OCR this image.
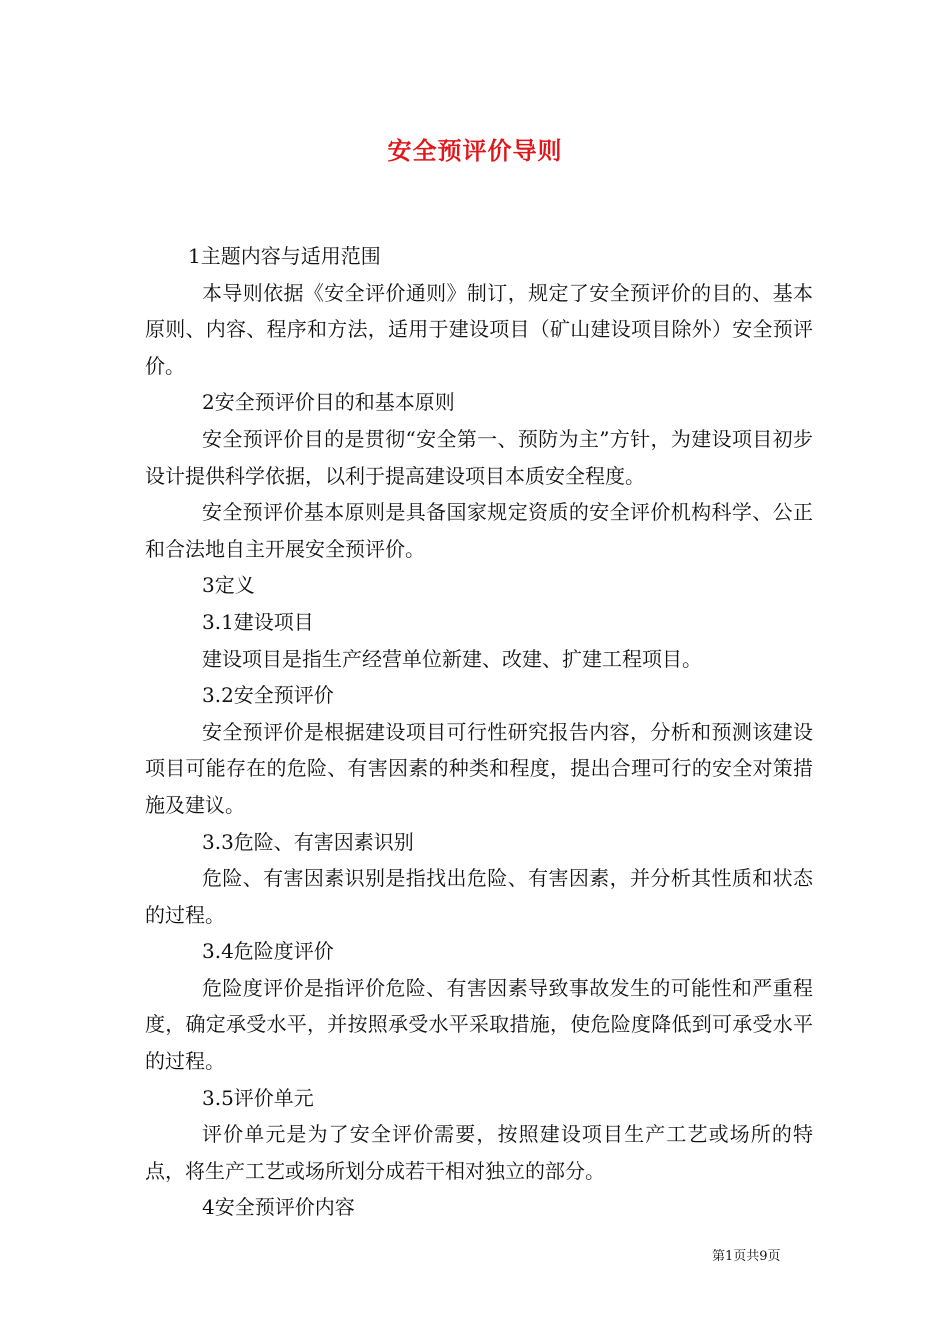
安全预评价导则

1主题内容与适用范围

本导则依据《安全评价通则》制订，规定了安全预评价的目的、基本原则、内容、程序和方法，适用于建设项目（矿山建设项目除外）安全预评价。

2安全预评价目的和基本原则

安全预评价目的是贯彻“安全第一、预防为主”方针，为建设项目初步设计提供科学依据，以利于提高建设项目本质安全程度。

安全预评价基本原则是具备国家规定资质的安全评价机构科学、公正和合法地自主开展安全预评价。

3定义

3.1建设项目

建设项目是指生产经营单位新建、改建、扩建工程项目。

3.2安全预评价

安全预评价是根据建设项目可行性研究报告内容，分析和预测该建设项目可能存在的危险、有害因素的种类和程度，提出合理可行的安全对策措施及建议。

3.3危险、有害因素识别

危险、有害因素识别是指找出危险、有害因素，并分析其性质和状态的过程。

3.4危险度评价

危险度评价是指评价危险、有害因素导致事故发生的可能性和严重程度，确定承受水平，并按照承受水平采取措施，使危险度降低到可承受水平的过程。

3.5评价单元

评价单元是为了安全评价需要，按照建设项目生产工艺或场所的特点，将生产工艺或场所划分成若干相对独立的部分。

4安全预评价内容

第1页共9页
